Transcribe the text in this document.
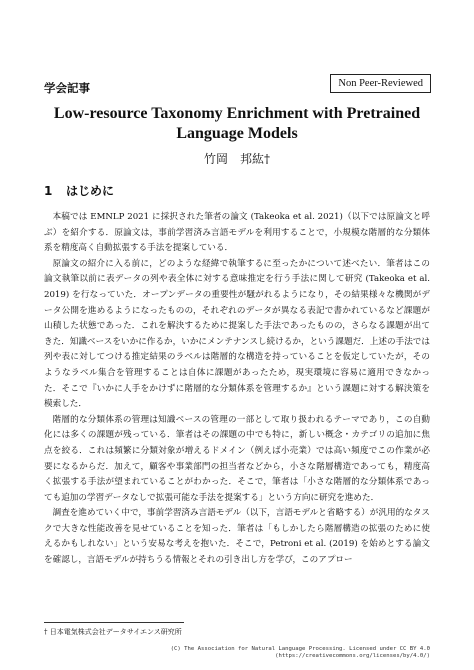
学会記事	Non Peer-Reviewed
Low-resource Taxonomy Enrichment with Pretrained
Language Models
竹岡　邦紘†
1 はじめに

本稿では EMNLP 2021 に採択された筆者の論文 (Takeoka et al. 2021)（以下では原論文と呼ぶ）を紹介する．原論文は，事前学習済み言語モデルを利用することで，小規模な階層的な分類体系を精度高く自動拡張する手法を提案している．

原論文の紹介に入る前に，どのような経緯で執筆するに至ったかについて述べたい．筆者はこの論文執筆以前に表データの列や表全体に対する意味推定を行う手法に関して研究 (Takeoka et al. 2019) を行なっていた．オープンデータの重要性が騒がれるようになり，その結果様々な機関がデータ公開を進めるようになったものの，それぞれのデータが異なる表記で書かれているなど課題が山積した状態であった．これを解決するために提案した手法であったものの，さらなる課題が出てきた．知識ベースをいかに作るか，いかにメンテナンスし続けるか，という課題だ．上述の手法では列や表に対してつける推定結果のラベルは階層的な構造を持っていることを仮定していたが，そのようなラベル集合を管理することは自体に課題があったため，現実環境に容易に適用できなかった．そこで『いかに人手をかけずに階層的な分類体系を管理するか』という課題に対する解決策を模索した．

階層的な分類体系の管理は知識ベースの管理の一部として取り扱われるテーマであり，この自動化には多くの課題が残っている．筆者はその課題の中でも特に，新しい概念・カテゴリの追加に焦点を絞る．これは頻繁に分類対象が増えるドメイン（例えば小売業）では高い頻度でこの作業が必要になるからだ．加えて，顧客や事業部門の担当者などから，小さな階層構造であっても，精度高く拡張する手法が望まれていることがわかった．そこで，筆者は「小さな階層的な分類体系であっても追加の学習データなしで拡張可能な手法を提案する」という方向に研究を進めた．

調査を進めていく中で，事前学習済み言語モデル（以下，言語モデルと省略する）が汎用的なタスクで大きな性能改善を見せていることを知った．筆者は「もしかしたら階層構造の拡張のために使えるかもしれない」という安易な考えを抱いた．そこで，Petroni et al. (2019) を始めとする論文を確認し，言語モデルが持ちうる情報とそれの引き出し方を学び，このアプロー

† 日本電気株式会社データサイエンス研究所
(C) The Association for Natural Language Processing. Licensed under CC BY 4.0
(https://creativecommons.org/licenses/by/4.0/)
